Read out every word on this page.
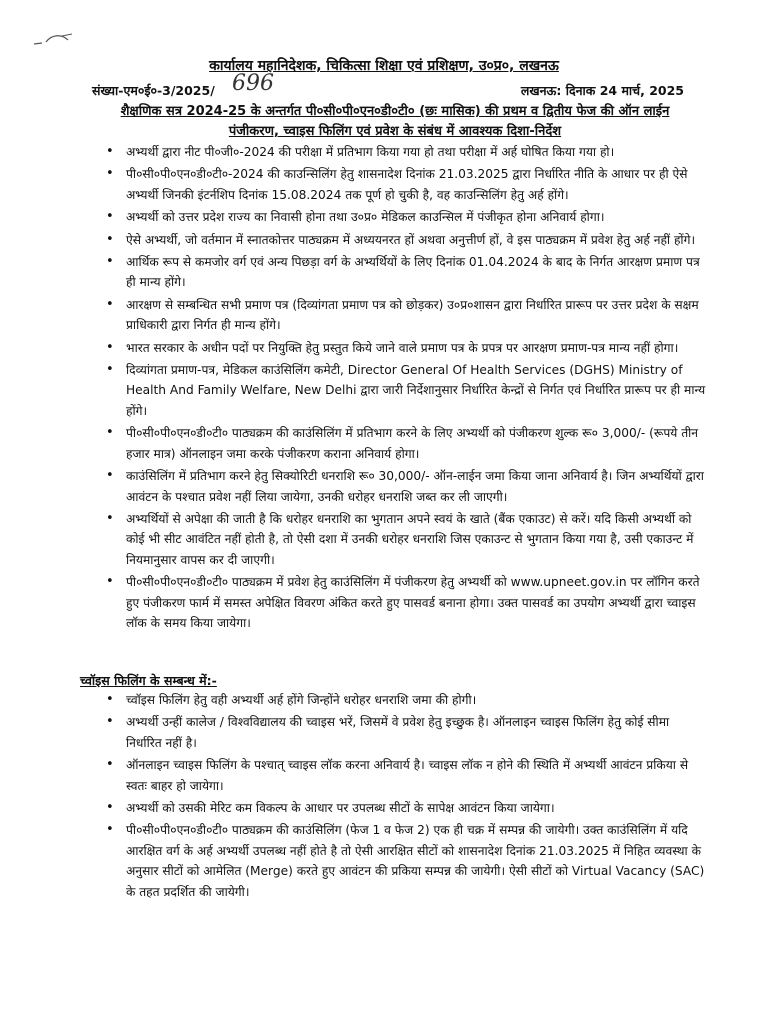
कार्यालय महानिदेशक, चिकित्सा शिक्षा एवं प्रशिक्षण, उ०प्र०, लखनऊ
संख्या-एम०ई०-3/2025/ 696	लखनऊ: दिनाक 24 मार्च, 2025
शैक्षणिक सत्र 2024-25 के अन्तर्गत पी०सी०पी०एन०डी०टी० (छः मासिक) की प्रथम व द्वितीय फेज की ऑन लाईन
पंजीकरण, च्वाइस फिलिंग एवं प्रवेश के संबंध में आवश्यक दिशा-निर्देश
• अभ्यर्थी द्वारा नीट पी०जी०-2024 की परीक्षा में प्रतिभाग किया गया हो तथा परीक्षा में अर्ह घोषित किया गया हो।
• पी०सी०पी०एन०डी०टी०-2024 की काउन्सिलिंग हेतु शासनादेश दिनांक 21.03.2025 द्वारा निर्धारित नीति के आधार पर ही ऐसे अभ्यर्थी जिनकी इंटर्नशिप दिनांक 15.08.2024 तक पूर्ण हो चुकी है, वह काउन्सिलिंग हेतु अर्ह होंगे।
• अभ्यर्थी को उत्तर प्रदेश राज्य का निवासी होना तथा उ०प्र० मेडिकल काउन्सिल में पंजीकृत होना अनिवार्य होगा।
• ऐसे अभ्यर्थी, जो वर्तमान में स्नातकोत्तर पाठ्यक्रम में अध्ययनरत हों अथवा अनुत्तीर्ण हों, वे इस पाठ्यक्रम में प्रवेश हेतु अर्ह नहीं होंगे।
• आर्थिक रूप से कमजोर वर्ग एवं अन्य पिछड़ा वर्ग के अभ्यर्थियों के लिए दिनांक 01.04.2024 के बाद के निर्गत आरक्षण प्रमाण पत्र ही मान्य होंगे।
• आरक्षण से सम्बन्धित सभी प्रमाण पत्र (दिव्यांगता प्रमाण पत्र को छोड़कर) उ०प्र०शासन द्वारा निर्धारित प्रारूप पर उत्तर प्रदेश के सक्षम प्राधिकारी द्वारा निर्गत ही मान्य होंगे।
• भारत सरकार के अधीन पदों पर नियुक्ति हेतु प्रस्तुत किये जाने वाले प्रमाण पत्र के प्रपत्र पर आरक्षण प्रमाण-पत्र मान्य नहीं होगा।
• दिव्यांगता प्रमाण-पत्र, मेडिकल काउंसिलिंग कमेटी, Director General Of Health Services (DGHS) Ministry of Health And Family Welfare, New Delhi द्वारा जारी निर्देशानुसार निर्धारित केन्द्रों से निर्गत एवं निर्धारित प्रारूप पर ही मान्य होंगे।
• पी०सी०पी०एन०डी०टी० पाठ्यक्रम की काउंसिलिंग में प्रतिभाग करने के लिए अभ्यर्थी को पंजीकरण शुल्क रू० 3,000/- (रूपये तीन हजार मात्र) ऑनलाइन जमा करके पंजीकरण कराना अनिवार्य होगा।
• काउंसिलिंग में प्रतिभाग करने हेतु सिक्योरिटी धनराशि रू० 30,000/- ऑन-लाईन जमा किया जाना अनिवार्य है। जिन अभ्यर्थियों द्वारा आवंटन के पश्चात प्रवेश नहीं लिया जायेगा, उनकी धरोहर धनराशि जब्त कर ली जाएगी।
• अभ्यर्थियों से अपेक्षा की जाती है कि धरोहर धनराशि का भुगतान अपने स्वयं के खाते (बैंक एकाउट) से करें। यदि किसी अभ्यर्थी को कोई भी सीट आवंटित नहीं होती है, तो ऐसी दशा में उनकी धरोहर धनराशि जिस एकाउन्ट से भुगतान किया गया है, उसी एकाउन्ट में नियमानुसार वापस कर दी जाएगी।
• पी०सी०पी०एन०डी०टी० पाठ्यक्रम में प्रवेश हेतु काउंसिलिंग में पंजीकरण हेतु अभ्यर्थी को www.upneet.gov.in पर लॉगिन करते हुए पंजीकरण फार्म में समस्त अपेक्षित विवरण अंकित करते हुए पासवर्ड बनाना होगा। उक्त पासवर्ड का उपयोग अभ्यर्थी द्वारा च्वाइस लॉक के समय किया जायेगा।
च्वॉइस फिलिंग के सम्बन्ध में:-
• च्वॉइस फिलिंग हेतु वही अभ्यर्थी अर्ह होंगे जिन्होंने धरोहर धनराशि जमा की होगी।
• अभ्यर्थी उन्हीं कालेज / विश्वविद्यालय की च्वाइस भरें, जिसमें वे प्रवेश हेतु इच्छुक है। ऑनलाइन च्वाइस फिलिंग हेतु कोई सीमा निर्धारित नहीं है।
• ऑनलाइन च्वाइस फिलिंग के पश्चात् च्वाइस लॉक करना अनिवार्य है। च्वाइस लॉक न होने की स्थिति में अभ्यर्थी आवंटन प्रकिया से स्वतः बाहर हो जायेगा।
• अभ्यर्थी को उसकी मेरिट कम विकल्प के आधार पर उपलब्ध सीटों के सापेक्ष आवंटन किया जायेगा।
• पी०सी०पी०एन०डी०टी० पाठ्यक्रम की काउंसिलिंग (फेज 1 व फेज 2) एक ही चक्र में सम्पन्न की जायेगी। उक्त काउंसिलिंग में यदि आरक्षित वर्ग के अर्ह अभ्यर्थी उपलब्ध नहीं होते है तो ऐसी आरक्षित सीटों को शासनादेश दिनांक 21.03.2025 में निहित व्यवस्था के अनुसार सीटों को आमेलित (Merge) करते हुए आवंटन की प्रकिया सम्पन्न की जायेगी। ऐसी सीटों को Virtual Vacancy (SAC) के तहत प्रदर्शित की जायेगी।
